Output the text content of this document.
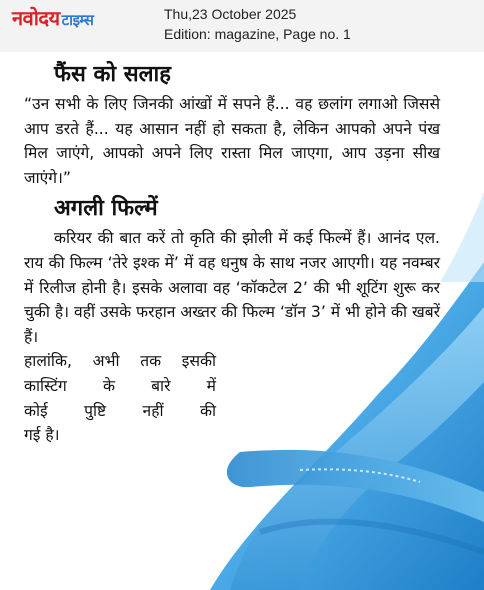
नवोदय टाइम्स	Thu,23 October 2025
Edition: magazine, Page no. 1
फैंस को सलाह

“उन सभी के लिए जिनकी आंखों में सपने हैं... वह छलांग लगाओ जिससे आप डरते हैं... यह आसान नहीं हो सकता है, लेकिन आपको अपने पंख मिल जाएंगे, आपको अपने लिए रास्ता मिल जाएगा, आप उड़ना सीख जाएंगे।”

अगली फिल्में

करियर की बात करें तो कृति की झोली में कई फिल्में हैं। आनंद एल. राय की फिल्म ‘तेरे इश्क में’ में वह धनुष के साथ नजर आएगी। यह नवम्बर में रिलीज होनी है। इसके अलावा वह ‘कॉकटेल 2’ की भी शूटिंग शुरू कर चुकी है। वहीं उसके फरहान अख्तर की फिल्म ‘डॉन 3’ में भी होने की खबरें हैं।

हालांकि, अभी तक इसकी
कास्टिंग के बारे में
कोई पुष्टि नहीं की
गई है।
